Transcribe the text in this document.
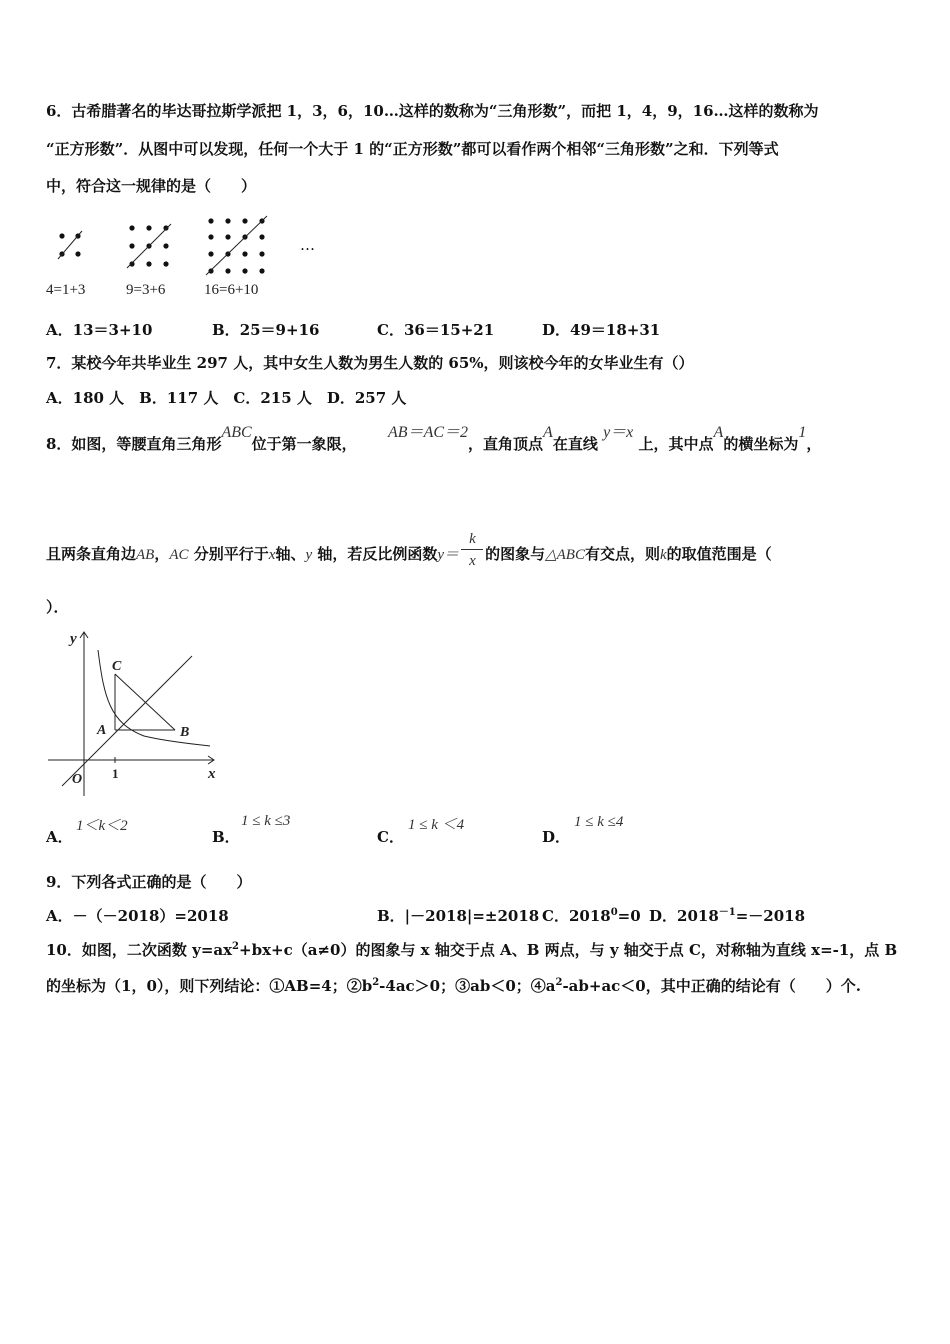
6．古希腊著名的毕达哥拉斯学派把 1，3，6，10…这样的数称为“三角形数”，而把 1，4，9，16…这样的数称为
“正方形数”．从图中可以发现，任何一个大于 1 的“正方形数”都可以看作两个相邻“三角形数”之和．下列等式
中，符合这一规律的是（　　）
4=1+3	9=3+6	16=6+10
…
A．13＝3+10	B．25＝9+16	C．36＝15+21	D．49＝18+31
7．某校今年共毕业生 297 人，其中女生人数为男生人数的 65%，则该校今年的女毕业生有（）
A．180 人　B．117 人　C．215 人　D．257 人
8．如图，等腰直角三角形ABC位于第一象限，      AB＝AC＝2，直角顶点A在直线 y＝x 上，其中点A的横坐标为1，
且两条直角边AB，AC 分别平行于x轴、y 轴，若反比例函数$y= \frac{k}{x}$ 的图象与△ABC有交点，则k的取值范围是（
）．
y
x
O
A	B
C
1
A．
1＜k＜2
B．
1 ≤ k ≤3
C．
1 ≤ k ＜4
D．
1 ≤ k ≤4
9．下列各式正确的是（　　）
A．－（－2018）=2018	B．|－2018|=±2018 C．$2018^0=0$ D．$2018^{-1}=-2018$
10．如图，二次函数 $y=ax^2+bx+c(a\ne 0)$的图象与 x 轴交于点 A、B 两点，与 y 轴交于点 C，对称轴为直线 x=-1，点 B
的坐标为（1，0），则下列结论：①AB=4；$②b^2-4ac>0$；③ab＜0；$④a^2-ab+ac<0$，其中正确的结论有（　　）个.
